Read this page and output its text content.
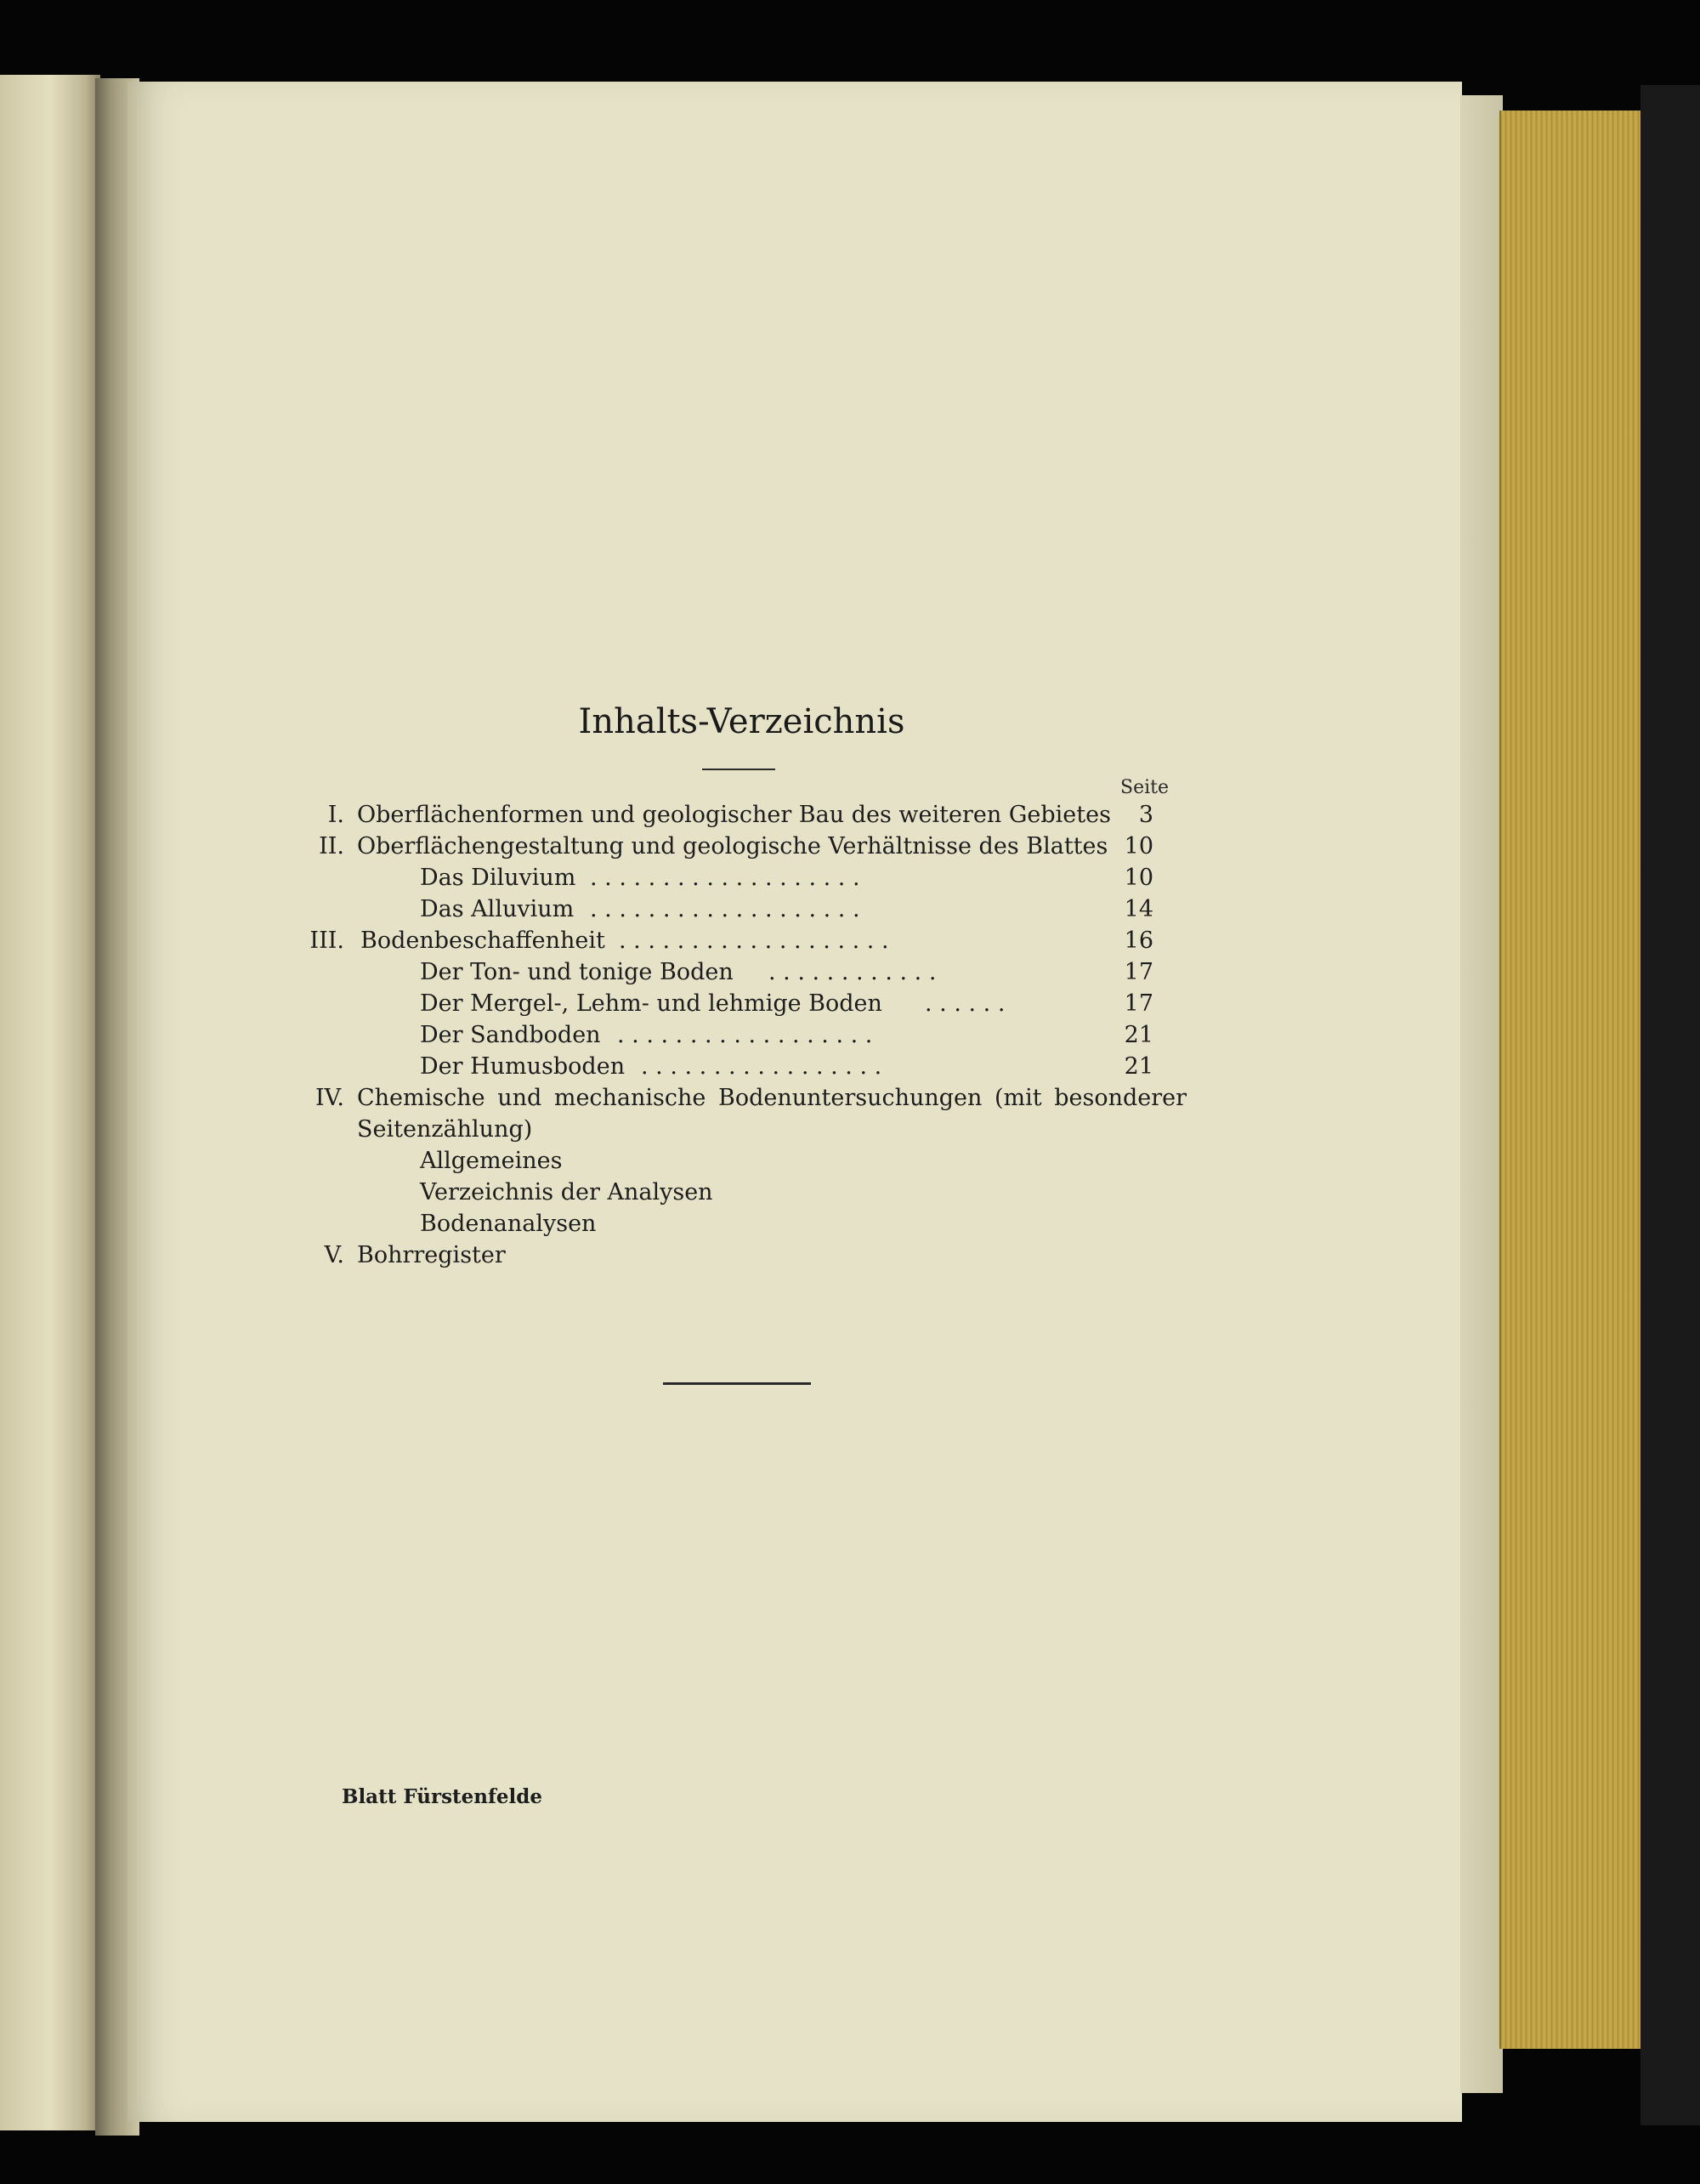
Inhalts-Verzeichnis
Seite
I. Oberflächenformen und geologischer Bau des weiteren Gebietes	3
II. Oberflächengestaltung und geologische Verhältnisse des Blattes 10
Das Diluvium . . . . . . . . . . . . . . . . . . .	10
Das Alluvium . . . . . . . . . . . . . . . . . . .	14
III. Bodenbeschaffenheit . . . . . . . . . . . . . . . . . . .	16
Der Ton- und tonige Boden . . . . . . . . . . . .	17
Der Mergel-, Lehm- und lehmige Boden . . . . . .	17
Der Sandboden . . . . . . . . . . . . . . . . . .	21
Der Humusboden . . . . . . . . . . . . . . . . .	21
IV. Chemische und mechanische Bodenuntersuchungen (mit besonderer
Seitenzählung)
Allgemeines
Verzeichnis der Analysen
Bodenanalysen
V. Bohrregister
Blatt Fürstenfelde
